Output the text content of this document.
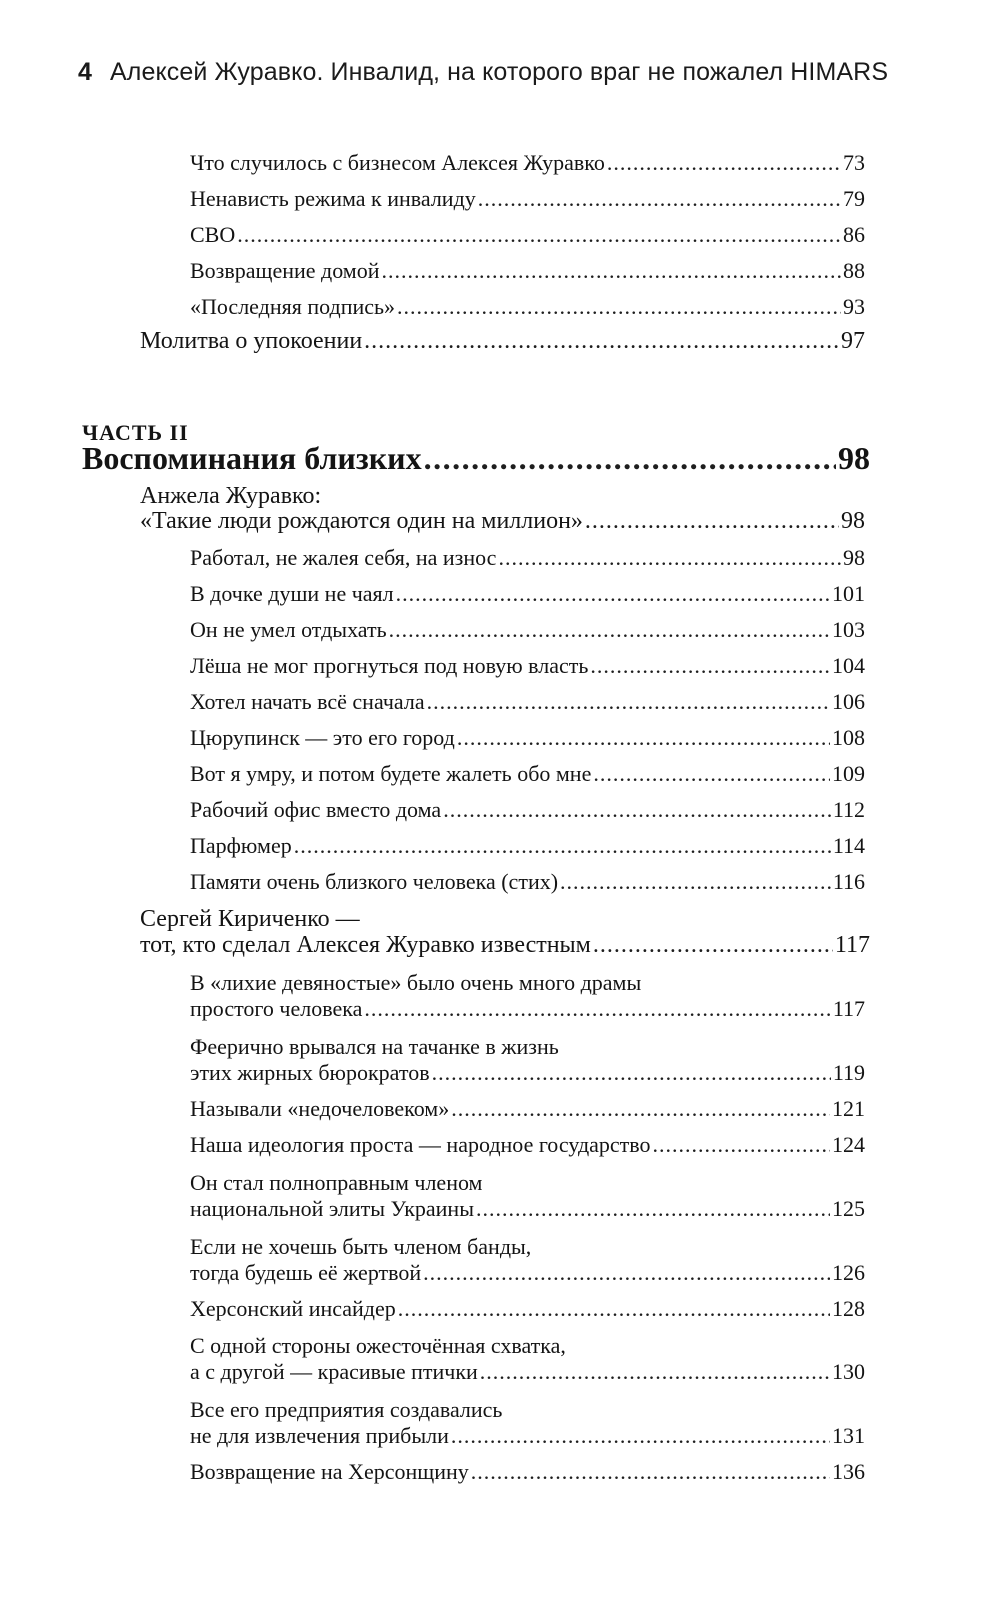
4 Алексей Журавко. Инвалид, на которого враг не пожалел HIMARS
Что случилось с бизнесом Алексея Журавко .....	73
Ненависть режима к инвалиду .....	79
СВО .....	86
Возвращение домой .....	88
«Последняя подпись» .....	93
Молитва о упокоении .....	97
ЧАСТЬ II
Воспоминания близких .....	98
Анжела Журавко:
«Такие люди рождаются один на миллион» .....	98
Работал, не жалея себя, на износ .....	98
В дочке души не чаял .....	101
Он не умел отдыхать .....	103
Лёша не мог прогнуться под новую власть .....	104
Хотел начать всё сначала .....	106
Цюрупинск — это его город .....	108
Вот я умру, и потом будете жалеть обо мне .....	109
Рабочий офис вместо дома .....	112
Парфюмер .....	114
Памяти очень близкого человека (стих) .....	116
Сергей Кириченко —
тот, кто сделал Алексея Журавко известным .....	117
В «лихие девяностые» было очень много драмы
простого человека .....	117
Феерично врывался на тачанке в жизнь
этих жирных бюрократов .....	119
Называли «недочеловеком» .....	121
Наша идеология проста — народное государство .....	124
Он стал полноправным членом
национальной элиты Украины .....	125
Если не хочешь быть членом банды,
тогда будешь её жертвой .....	126
Херсонский инсайдер .....	128
С одной стороны ожесточённая схватка,
а с другой — красивые птички .....	130
Все его предприятия создавались
не для извлечения прибыли .....	131
Возвращение на Херсонщину .....	136
